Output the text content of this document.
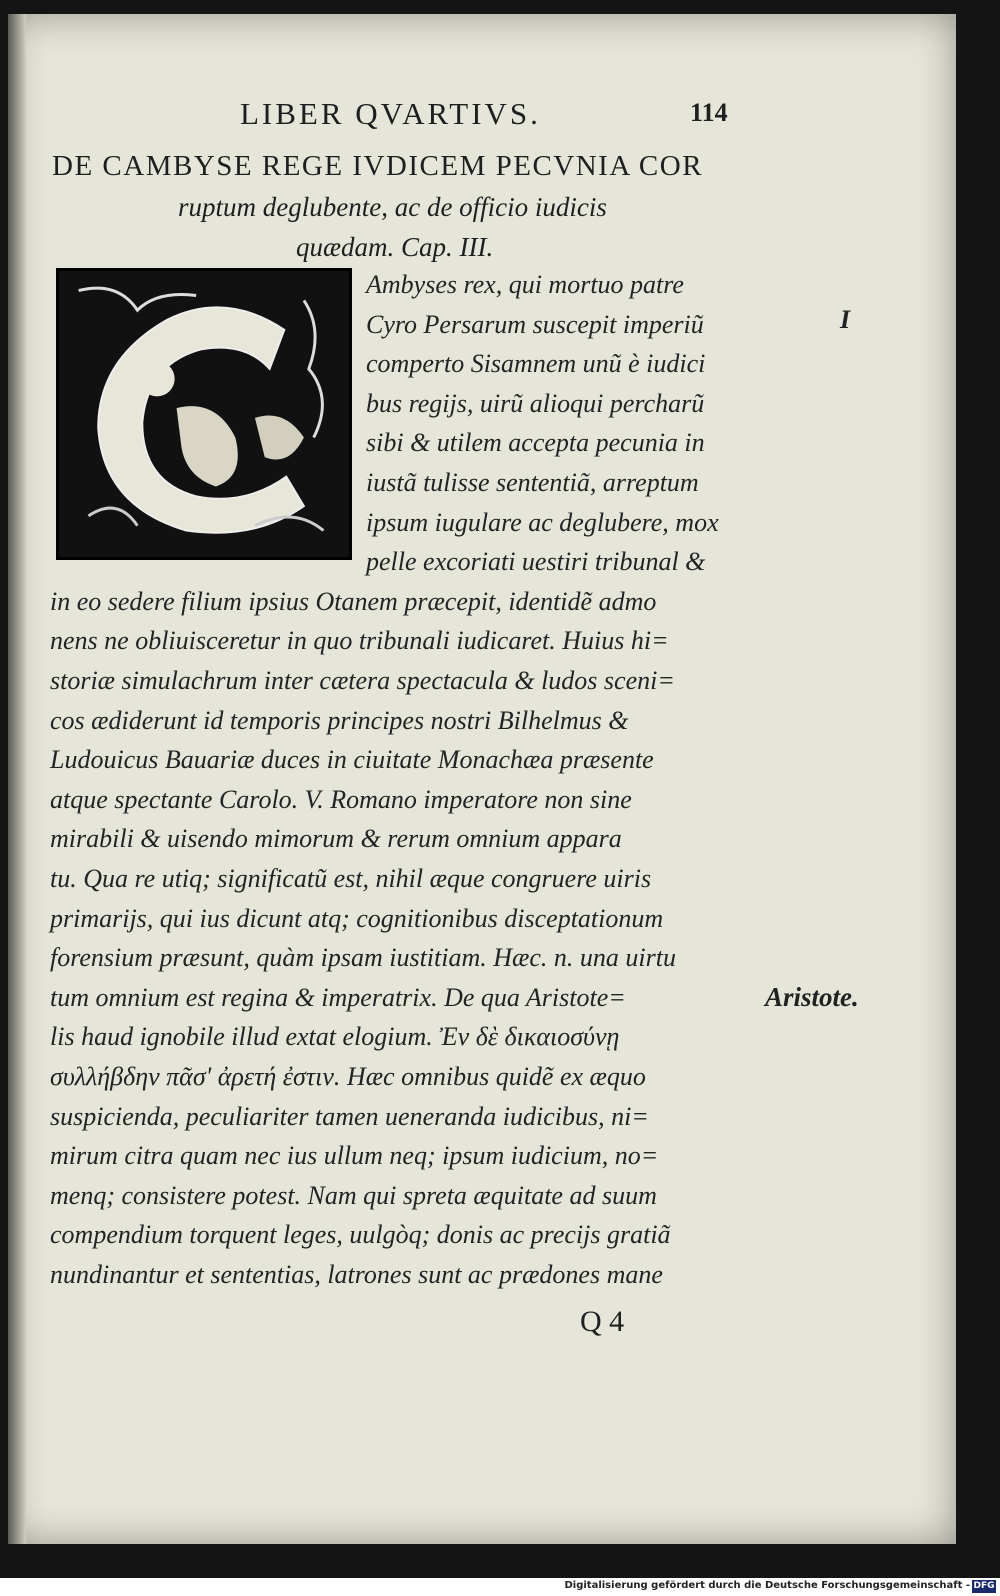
LIBER QVARTIVS.	114
DE CAMBYSE REGE IVDICEM PECVNIA COR
ruptum deglubente, ac de officio iudicis
quædam. Cap. III.
Ambyses rex, qui mortuo patre
Cyro Persarum suscepit imperiũ
comperto Sisamnem unũ è iudici
bus regijs, uirũ alioqui percharũ
sibi & utilem accepta pecunia in
iustã tulisse sententiã, arreptum
ipsum iugulare ac deglubere, mox
pelle excoriati uestiri tribunal &
in eo sedere filium ipsius Otanem præcepit, identidẽ admo
nens ne obliuisceretur in quo tribunali iudicaret. Huius hi=
storiæ simulachrum inter cætera spectacula & ludos sceni=
cos ædiderunt id temporis principes nostri Bilhelmus &
Ludouicus Bauariæ duces in ciuitate Monachæa præsente
atque spectante Carolo. V. Romano imperatore non sine
mirabili & uisendo mimorum & rerum omnium appara
tu. Qua re utiq; significatũ est, nihil æque congruere uiris
primarijs, qui ius dicunt atq; cognitionibus disceptationum
forensium præsunt, quàm ipsam iustitiam. Hæc. n. una uirtu
tum omnium est regina & imperatrix. De qua Aristote=
lis haud ignobile illud extat elogium. Ἐν δὲ δικαιοσύνῃ
συλλήβδην πᾶσ' ἀρετή ἐστιν. Hæc omnibus quidẽ ex æquo
suspicienda, peculiariter tamen ueneranda iudicibus, ni=
mirum citra quam nec ius ullum neq; ipsum iudicium, no=
menq; consistere potest. Nam qui spreta æquitate ad suum
compendium torquent leges, uulgòq; donis ac precijs gratiã
nundinantur et sententias, latrones sunt ac prædones mane
Aristote.
I
Q 4
Digitalisierung gefördert durch die Deutsche Forschungsgemeinschaft - DFG
